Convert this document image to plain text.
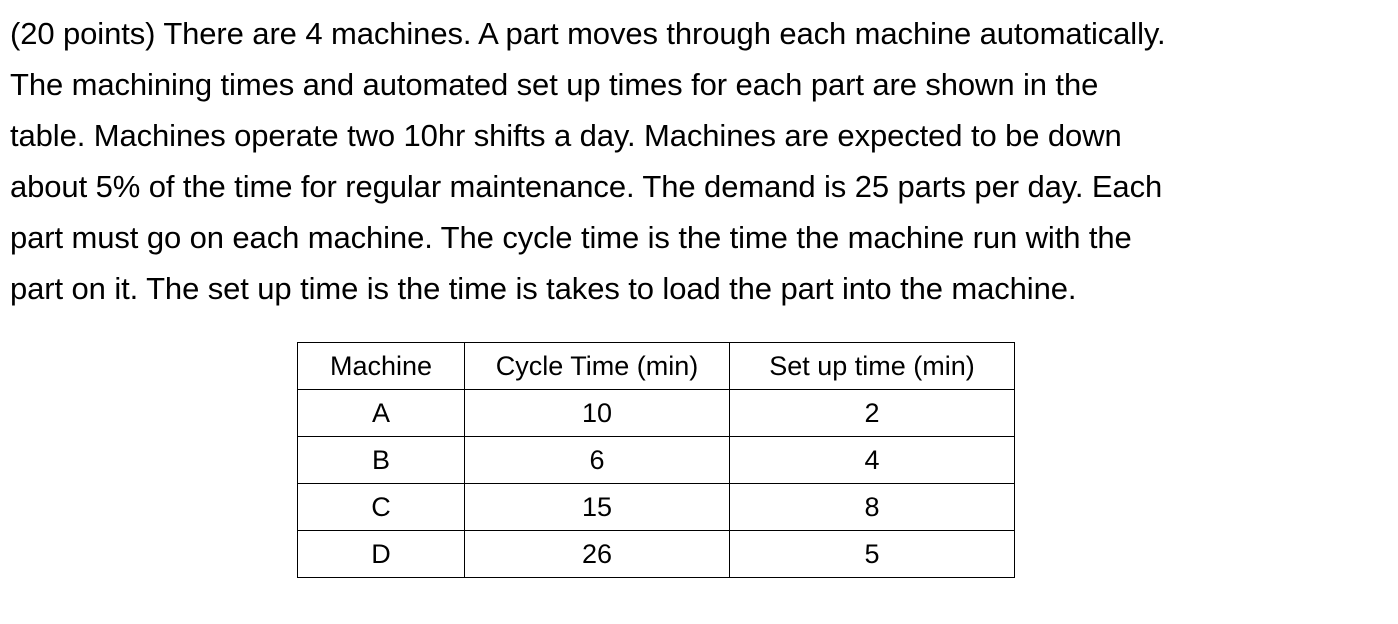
(20 points) There are 4 machines. A part moves through each machine automatically.
The machining times and automated set up times for each part are shown in the
table. Machines operate two 10hr shifts a day. Machines are expected to be down
about 5% of the time for regular maintenance. The demand is 25 parts per day. Each
part must go on each machine. The cycle time is the time the machine run with the
part on it. The set up time is the time is takes to load the part into the machine.
Machine	Cycle Time (min)	Set up time (min)
A	10	2
B	6	4
C	15	8
D	26	5
